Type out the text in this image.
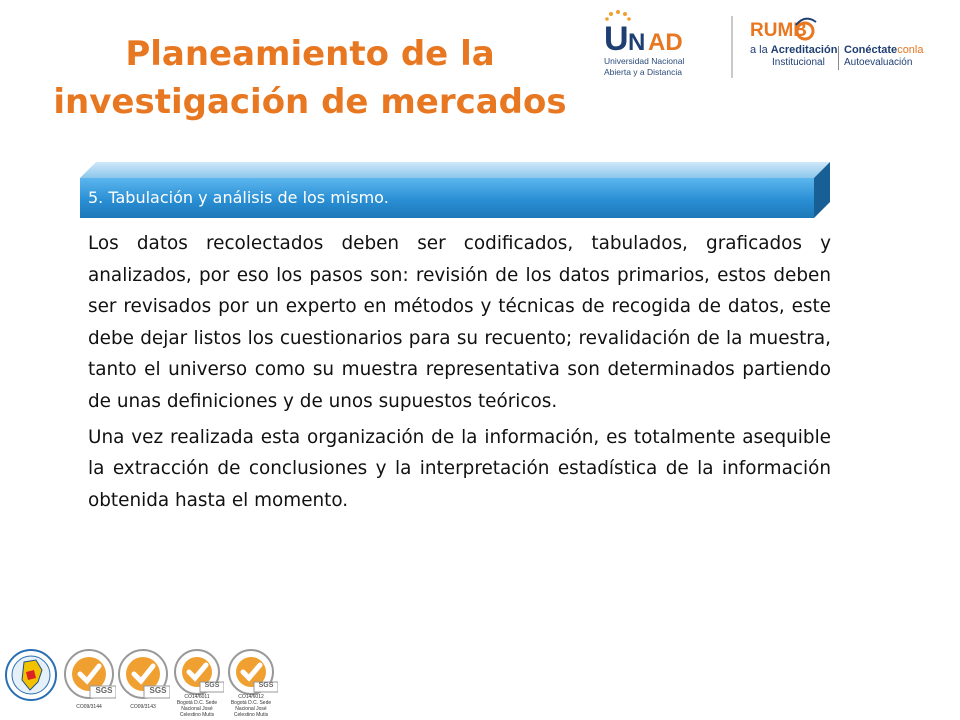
Planeamiento de la
investigación de mercados
U N AD
Universidad Nacional
Abierta y a Distancia
RUMB
a la Acreditación
Institucional
Conéctateconla
Autoevaluación
5. Tabulación y análisis de los mismo.

Los datos recolectados deben ser codificados, tabulados, graficados y analizados, por eso los pasos son: revisión de los datos primarios, estos deben ser revisados por un experto en métodos y técnicas de recogida de datos, este debe dejar listos los cuestionarios para su recuento; revalidación de la muestra, tanto el universo como su muestra representativa son determinados partiendo de unas definiciones y de unos supuestos teóricos.

Una vez realizada esta organización de la información, es totalmente asequible la extracción de conclusiones y la interpretación estadística de la información obtenida hasta el momento.

SGS
CO09/3144
SGS
CO09/3143
SGS
CO14/6011
Bogotá D.C. Sede
Nacional José
Celestino Mutis
SGS
CO14/6012
Bogotá D.C. Sede
Nacional José
Celestino Mutis
